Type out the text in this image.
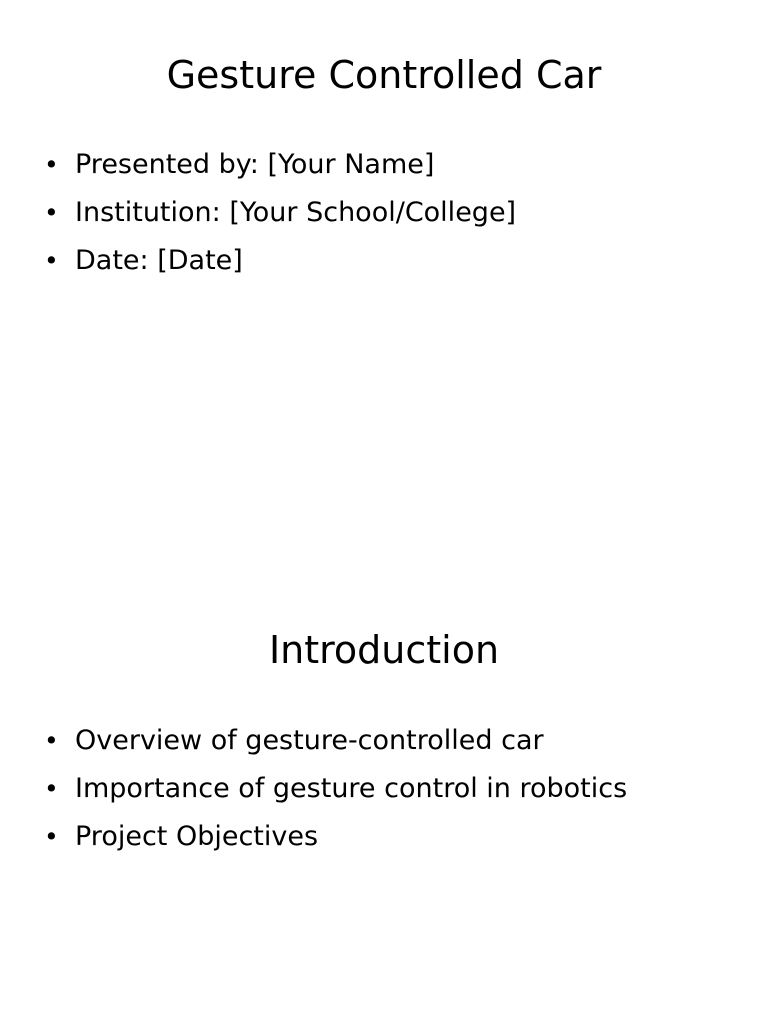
Gesture Controlled Car
• Presented by: [Your Name]
• Institution: [Your School/College]
• Date: [Date]
Introduction
• Overview of gesture-controlled car
• Importance of gesture control in robotics
• Project Objectives
